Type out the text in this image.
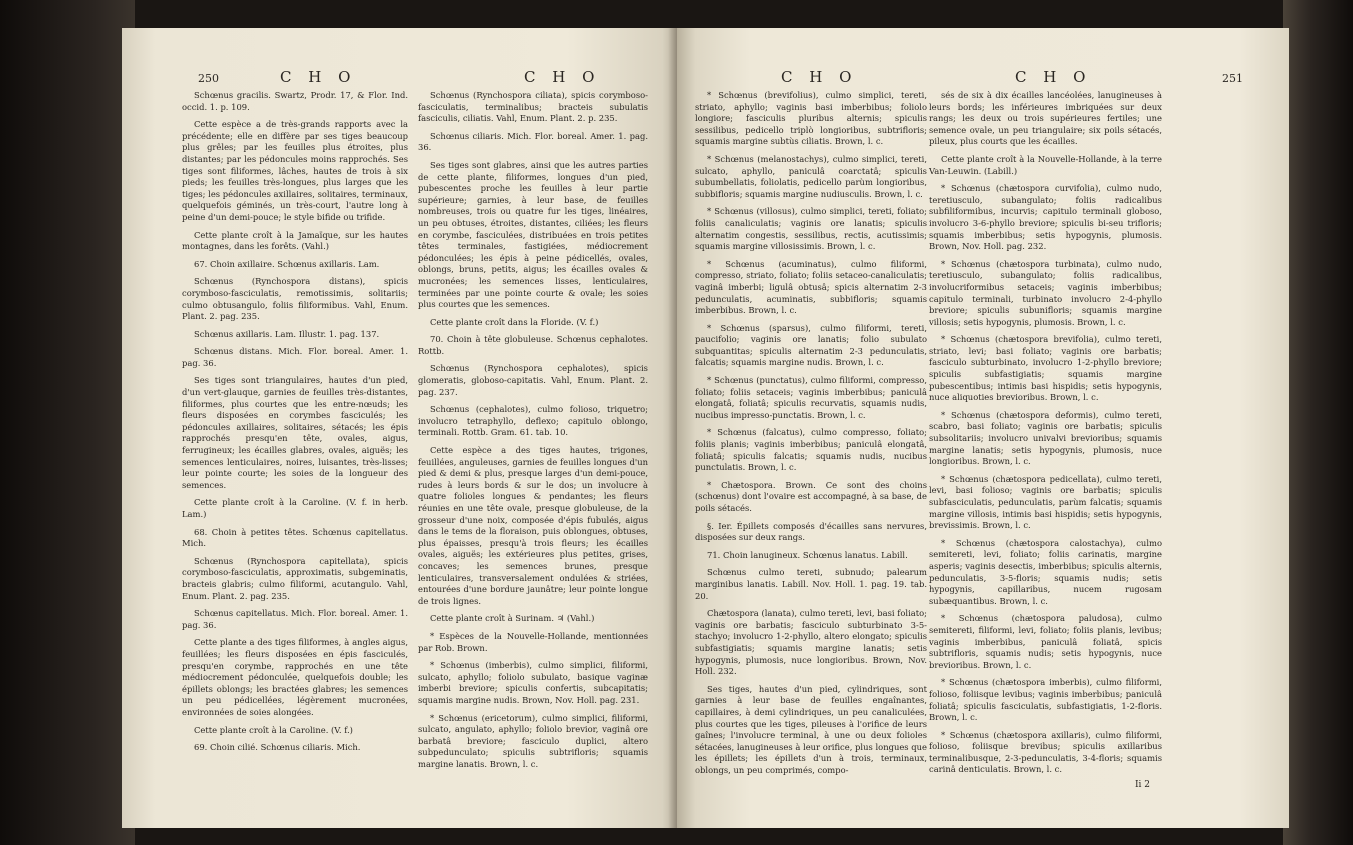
250	C H O	C H O

Schœnus gracilis. Swartz, Prodr. 17, & Flor. Ind. occid. 1. p. 109.

Cette espèce a de très-grands rapports avec la précédente; elle en diffère par ses tiges beaucoup plus grêles; par les feuilles plus étroites, plus distantes; par les pédoncules moins rapprochés. Ses tiges sont filiformes, lâches, hautes de trois à six pieds; les feuilles très-longues, plus larges que les tiges; les pédoncules axillaires, solitaires, terminaux, quelquefois géminés, un très-court, l'autre long à peine d'un demi-pouce; le style bifide ou trifide.

Cette plante croît à la Jamaïque, sur les hautes montagnes, dans les forêts. (Vahl.)

67. Choin axillaire. Schœnus axillaris. Lam.

Schœnus (Rynchosporа distans), spicis corymboso-fasciculatis, remotissimis, solitariis; culmo obtusangulo, foliis filiformibus. Vahl, Enum. Plant. 2. pag. 235.

Schœnus axillaris. Lam. Illustr. 1. pag. 137.

Schœnus distans. Mich. Flor. boreal. Amer. 1. pag. 36.

Ses tiges sont triangulaires, hautes d'un pied, d'un vert-glauque, garnies de feuilles très-distantes, filiformes, plus courtes que les entre-nœuds; les fleurs disposées en corymbes fasciculés; les pédoncules axillaires, solitaires, sétacés; les épis rapprochés presqu'en tête, ovales, aigus, ferrugineux; les écailles glabres, ovales, aiguës; les semences lenticulaires, noires, luisantes, très-lisses; leur pointe courte; les soies de la longueur des semences.

Cette plante croît à la Caroline. (V. f. in herb. Lam.)

68. Choin à petites têtes. Schœnus capitellatus. Mich.

Schœnus (Rynchospora capitellata), spicis corymboso-fasciculatis, approximatis, subgeminatis, bracteis glabris; culmo filiformi, acutangulo. Vahl, Enum. Plant. 2. pag. 235.

Schœnus capitellatus. Mich. Flor. boreal. Amer. 1. pag. 36.

Cette plante a des tiges filiformes, à angles aigus, feuillées; les fleurs disposées en épis fasciculés, presqu'en corymbe, rapprochés en une tête médiocrement pédonculée, quelquefois double; les épillets oblongs; les bractées glabres; les semences un peu pédicellées, légèrement mucronées, environnées de soies alongées.

Cette plante croît à la Caroline. (V. f.)

69. Choin cilié. Schœnus ciliaris. Mich.

Schœnus (Rynchospora ciliata), spicis corymboso-fasciculatis, terminalibus; bracteis subulatis fasciculis, ciliatis. Vahl, Enum. Plant. 2. p. 235.

Schœnus ciliaris. Mich. Flor. boreal. Amer. 1. pag. 36.

Ses tiges sont glabres, ainsi que les autres parties de cette plante, filiformes, longues d'un pied, pubescentes proche les feuilles à leur partie supérieure; garnies, à leur base, de feuilles nombreuses, trois ou quatre fur les tiges, linéaires, un peu obtuses, étroites, distantes, ciliées; les fleurs en corymbe, fasciculées, distribuées en trois petites têtes terminales, fastigiées, médiocrement pédonculées; les épis à peine pédicellés, ovales, oblongs, bruns, petits, aigus; les écailles ovales & mucronées; les semences lisses, lenticulaires, terminées par une pointe courte & ovale; les soies plus courtes que les semences.

Cette plante croît dans la Floride. (V. f.)

70. Choin à tête globuleuse. Schœnus cephalotes. Rottb.

Schœnus (Rynchospora cephalotes), spicis glomeratis, globoso-capitatis. Vahl, Enum. Plant. 2. pag. 237.

Schœnus (cephalotes), culmo folioso, triquetro; involucro tetraphyllo, deflexo; capitulo oblongo, terminali. Rottb. Gram. 61. tab. 10.

Cette espèce a des tiges hautes, trigones, feuillées, anguleuses, garnies de feuilles longues d'un pied & demi & plus, presque larges d'un demi-pouce, rudes à leurs bords & sur le dos; un involucre à quatre folioles longues & pendantes; les fleurs réunies en une tête ovale, presque globuleuse, de la grosseur d'une noix, composée d'épis fubulés, aigus dans le tems de la floraison, puis oblongues, obtuses, plus épaisses, presqu'à trois fleurs; les écailles ovales, aiguës; les extérieures plus petites, grises, concaves; les semences brunes, presque lenticulaires, transversalement ondulées & striées, entourées d'une bordure jaunâtre; leur pointe longue de trois lignes.

Cette plante croît à Surinam. ♃ (Vahl.)

* Espèces de la Nouvelle-Hollande, mentionnées par Rob. Brown.

* Schœnus (imberbis), culmo simplici, filiformi, sulcato, aphyllo; foliolo subulato, basique vaginæ imberbi breviore; spiculis confertis, subcapitatis; squamis margine nudis. Brown, Nov. Holl. pag. 231.

* Schœnus (ericetorum), culmo simplici, filiformi, sulcato, angulato, aphyllo; foliolo brevior, vaginâ ore barbatâ breviore; fasciculo duplici, altero subpedunculato; spiculis subtrifloris; squamis margine lanatis. Brown, l. c.

C H O	C H O	251

* Schœnus (brevifolius), culmo simplici, tereti, striato, aphyllo; vaginis basi imberbibus; foliolo longiore; fasciculis pluribus alternis; spiculis sessilibus, pedicello triplò longioribus, subtrifloris; squamis margine subtùs ciliatis. Brown, l. c.

* Schœnus (melanostachys), culmo simplici, tereti, sulcato, aphyllo, paniculâ coarctatâ; spiculis subumbellatis, foliolatis, pedicello parùm longioribus, subbifloris; squamis margine nudiusculis. Brown, l. c.

* Schœnus (villosus), culmo simplici, tereti, foliato; foliis canaliculatis; vaginis ore lanatis; spiculis alternatim congestis, sessilibus, rectis, acutissimis; squamis margine villosissimis. Brown, l. c.

* Schœnus (acuminatus), culmo filiformi, compresso, striato, foliato; foliis setaceo-canaliculatis; vaginâ imberbi; ligulâ obtusâ; spicis alternatim 2-3 pedunculatis, acuminatis, subbifloris; squamis imberbibus. Brown, l. c.

* Schœnus (sparsus), culmo filiformi, tereti, paucifolio; vaginis ore lanatis; folio subulato subquantitas; spiculis alternatim 2-3 pedunculatis, falcatis; squamis margine nudis. Brown, l. c.

* Schœnus (punctatus), culmo filiformi, compresso, foliato; foliis setaceis; vaginis imberbibus; paniculâ elongatâ, foliatâ; spiculis recurvatis, squamis nudis, nucibus impresso-punctatis. Brown, l. c.

* Schœnus (falcatus), culmo compresso, foliato; foliis planis; vaginis imberbibus; paniculâ elongatâ, foliatâ; spiculis falcatis; squamis nudis, nucibus punctulatis. Brown, l. c.

* Chætospora. Brown. Ce sont des choins (schœnus) dont l'ovaire est accompagné, à sa base, de poils sétacés.

§. Ier. Épillets composés d'écailles sans nervures, disposées sur deux rangs.

71. Choin lanugineux. Schœnus lanatus. Labill.

Schœnus culmo tereti, subnudo; palearum marginibus lanatis. Labill. Nov. Holl. 1. pag. 19. tab. 20.

Chætospora (lanata), culmo tereti, levi, basi foliato; vaginis ore barbatis; fasciculo subturbinato 3-5-stachyo; involucro 1-2-phyllo, altero elongato; spiculis subfastigiatis; squamis margine lanatis; setis hypogynis, plumosis, nuce longioribus. Brown, Nov. Holl. 232.

Ses tiges, hautes d'un pied, cylindriques, sont garnies à leur base de feuilles engaînantes, capillaires, à demi cylindriques, un peu canaliculées, plus courtes que les tiges, pileuses à l'orifice de leurs gaînes; l'involucre terminal, à une ou deux folioles sétacées, lanugineuses à leur orifice, plus longues que les épillets; les épillets d'un à trois, terminaux, oblongs, un peu comprimés, compo-

sés de six à dix écailles lancéolées, lanugineuses à leurs bords; les inférieures imbriquées sur deux rangs; les deux ou trois supérieures fertiles; une semence ovale, un peu triangulaire; six poils sétacés, pileux, plus courts que les écailles.

Cette plante croît à la Nouvelle-Hollande, à la terre Van-Leuwin. (Labill.)

* Schœnus (chætospora curvifolia), culmo nudo, teretiusculo, subangulato; foliis radicalibus subfiliformibus, incurvis; capitulo terminali globoso, involucro 3-6-phyllo breviore; spiculis bi-seu trifloris; squamis imberbibus; setis hypogynis, plumosis. Brown, Nov. Holl. pag. 232.

* Schœnus (chætospora turbinata), culmo nudo, teretiusculo, subangulato; foliis radicalibus, involucriformibus setaceis; vaginis imberbibus; capitulo terminali, turbinato involucro 2-4-phyllo breviore; spiculis subuniflоris; squamis margine villosis; setis hypogynis, plumosis. Brown, l. c.

* Schœnus (chætospora brevifolia), culmo tereti, striato, levi; basi foliato; vaginis ore barbatis; fasciculo subturbinato, involucro 1-2-phyllo breviore; spiculis subfastigiatis; squamis margine pubescentibus; intimis basi hispidis; setis hypogynis, nuce aliquoties brevioribus. Brown, l. c.

* Schœnus (chætospora deformis), culmo tereti, scabro, basi foliato; vaginis ore barbatis; spiculis subsolitariis; involucro univalvi brevioribus; squamis margine lanatis; setis hypogynis, plumosis, nuce longioribus. Brown, l. c.

* Schœnus (chætospora pedicellata), culmo tereti, levi, basi folioso; vaginis ore barbatis; spiculis subfasciculatis, pedunculatis, parùm falcatis; squamis margine villosis, intimis basi hispidis; setis hypogynis, brevissimis. Brown, l. c.

* Schœnus (chætospora calostachya), culmo semitereti, levi, foliato; foliis carinatis, margine asperis; vaginis desectis, imberbibus; spiculis alternis, pedunculatis, 3-5-floris; squamis nudis; setis hypogynis, capillaribus, nucem rugosam subæquantibus. Brown, l. c.

* Schœnus (chætospora paludosa), culmo semitereti, filiformi, levi, foliato; foliis planis, levibus; vaginis imberbibus, paniculâ foliatâ, spicis subtrifloris, squamis nudis; setis hypogynis, nuce brevioribus. Brown, l. c.

* Schœnus (chætospora imberbis), culmo filiformi, folioso, foliisque levibus; vaginis imberbibus; paniculâ foliatâ; spiculis fasciculatis, subfastigiatis, 1-2-floris. Brown, l. c.

* Schœnus (chætospora axillaris), culmo filiformi, folioso, foliisque brevibus; spiculis axillaribus terminalibusque, 2-3-pedunculatis, 3-4-floris; squamis carinâ denticulatis. Brown, l. c.

Ii 2
